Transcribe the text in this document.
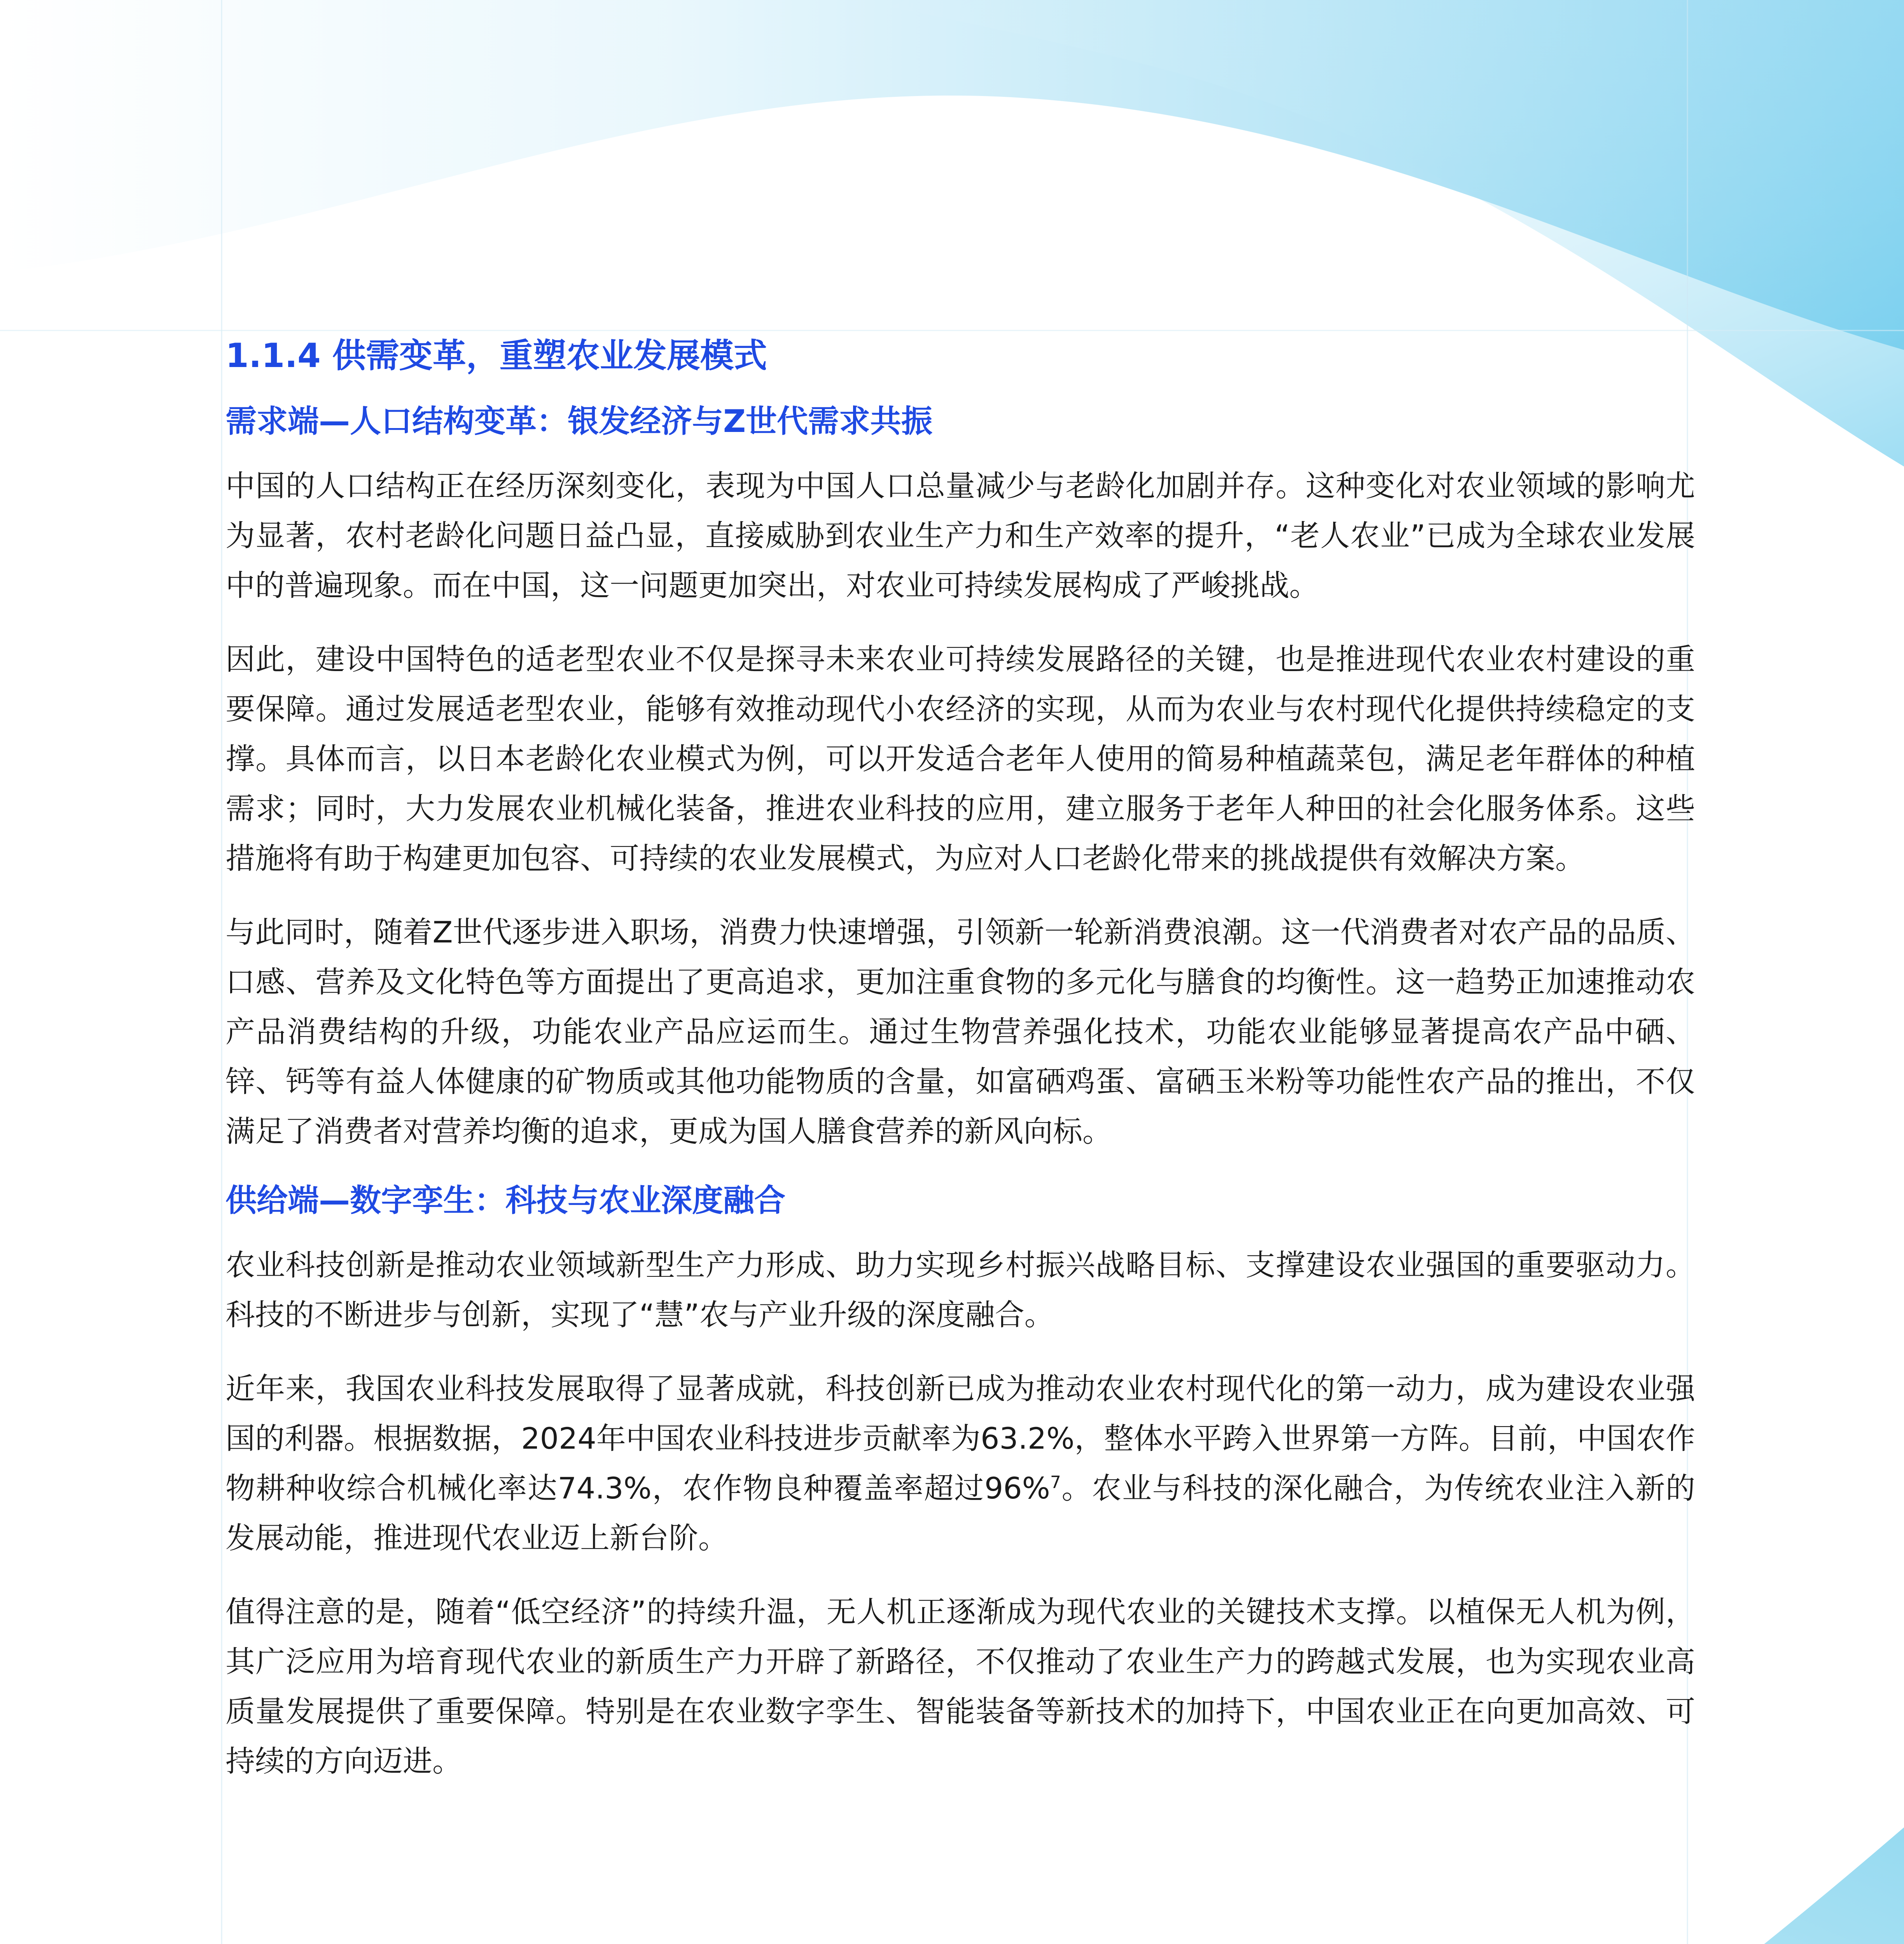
1.1.4 供需变革，重塑农业发展模式
需求端—人口结构变革：银发经济与Z世代需求共振

中国的人口结构正在经历深刻变化，表现为中国人口总量减少与老龄化加剧并存。这种变化对农业领域的影响尤为显著，农村老龄化问题日益凸显，直接威胁到农业生产力和生产效率的提升，“老人农业”已成为全球农业发展中的普遍现象。而在中国，这一问题更加突出，对农业可持续发展构成了严峻挑战。

因此，建设中国特色的适老型农业不仅是探寻未来农业可持续发展路径的关键，也是推进现代农业农村建设的重要保障。通过发展适老型农业，能够有效推动现代小农经济的实现，从而为农业与农村现代化提供持续稳定的支撑。具体而言，以日本老龄化农业模式为例，可以开发适合老年人使用的简易种植蔬菜包，满足老年群体的种植需求；同时，大力发展农业机械化装备，推进农业科技的应用，建立服务于老年人种田的社会化服务体系。这些措施将有助于构建更加包容、可持续的农业发展模式，为应对人口老龄化带来的挑战提供有效解决方案。

与此同时，随着Z世代逐步进入职场，消费力快速增强，引领新一轮新消费浪潮。这一代消费者对农产品的品质、口感、营养及文化特色等方面提出了更高追求，更加注重食物的多元化与膳食的均衡性。这一趋势正加速推动农产品消费结构的升级，功能农业产品应运而生。通过生物营养强化技术，功能农业能够显著提高农产品中硒、锌、钙等有益人体健康的矿物质或其他功能物质的含量，如富硒鸡蛋、富硒玉米粉等功能性农产品的推出，不仅满足了消费者对营养均衡的追求，更成为国人膳食营养的新风向标。

供给端—数字孪生：科技与农业深度融合

农业科技创新是推动农业领域新型生产力形成、助力实现乡村振兴战略目标、支撑建设农业强国的重要驱动力。科技的不断进步与创新，实现了“慧”农与产业升级的深度融合。

近年来，我国农业科技发展取得了显著成就，科技创新已成为推动农业农村现代化的第一动力，成为建设农业强国的利器。根据数据，2024年中国农业科技进步贡献率为63.2%，整体水平跨入世界第一方阵。目前，中国农作物耕种收综合机械化率达74.3%，农作物良种覆盖率超过96%$^7$。农业与科技的深化融合，为传统农业注入新的发展动能，推进现代农业迈上新台阶。

值得注意的是，随着“低空经济”的持续升温，无人机正逐渐成为现代农业的关键技术支撑。以植保无人机为例，其广泛应用为培育现代农业的新质生产力开辟了新路径，不仅推动了农业生产力的跨越式发展，也为实现农业高质量发展提供了重要保障。特别是在农业数字孪生、智能装备等新技术的加持下，中国农业正在向更加高效、可持续的方向迈进。
